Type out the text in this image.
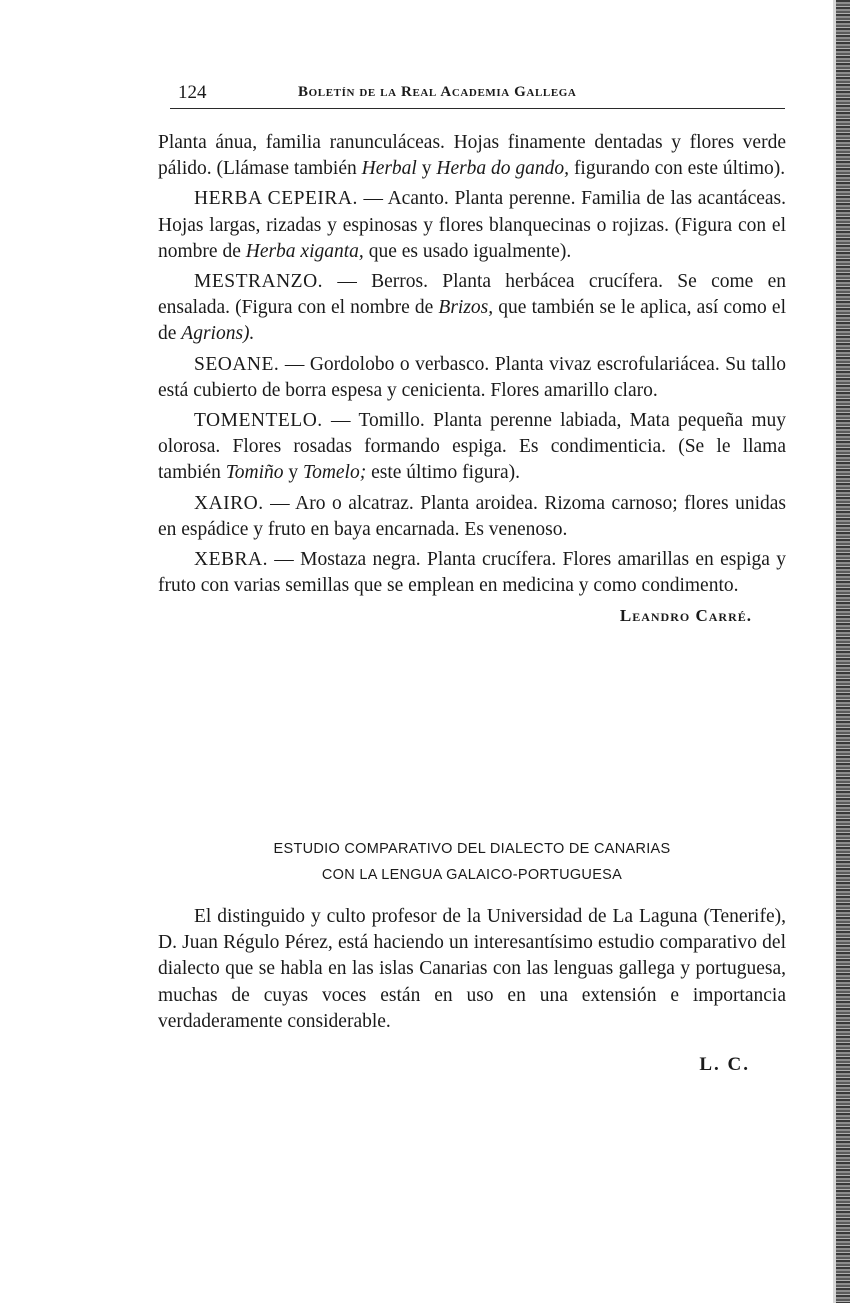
124	Boletín de la Real Academia Gallega

Planta ánua, familia ranunculáceas. Hojas finamente dentadas y flores verde pálido. (Llámase también Herbal y Herba do gando, figurando con este último).

HERBA CEPEIRA. — Acanto. Planta perenne. Familia de las acantáceas. Hojas largas, rizadas y espinosas y flores blanquecinas o rojizas. (Figura con el nombre de Herba xiganta, que es usado igualmente).

MESTRANZO. — Berros. Planta herbácea crucífera. Se come en ensalada. (Figura con el nombre de Brizos, que también se le aplica, así como el de Agrions).

SEOANE. — Gordolobo o verbasco. Planta vivaz escrofulariácea. Su tallo está cubierto de borra espesa y cenicienta. Flores amarillo claro.

TOMENTELO. — Tomillo. Planta perenne labiada, Mata pequeña muy olorosa. Flores rosadas formando espiga. Es condimenticia. (Se le llama también Tomiño y Tomelo; este último figura).

XAIRO. — Aro o alcatraz. Planta aroidea. Rizoma carnoso; flores unidas en espádice y fruto en baya encarnada. Es venenoso.

XEBRA. — Mostaza negra. Planta crucífera. Flores amarillas en espiga y fruto con varias semillas que se emplean en medicina y como condimento.

Leandro Carré.
ESTUDIO COMPARATIVO DEL DIALECTO DE CANARIAS
CON LA LENGUA GALAICO-PORTUGUESA

El distinguido y culto profesor de la Universidad de La Laguna (Tenerife), D. Juan Régulo Pérez, está haciendo un interesantísimo estudio comparativo del dialecto que se habla en las islas Canarias con las lenguas gallega y portuguesa, muchas de cuyas voces están en uso en una extensión e importancia verdaderamente considerable.

L. C.
